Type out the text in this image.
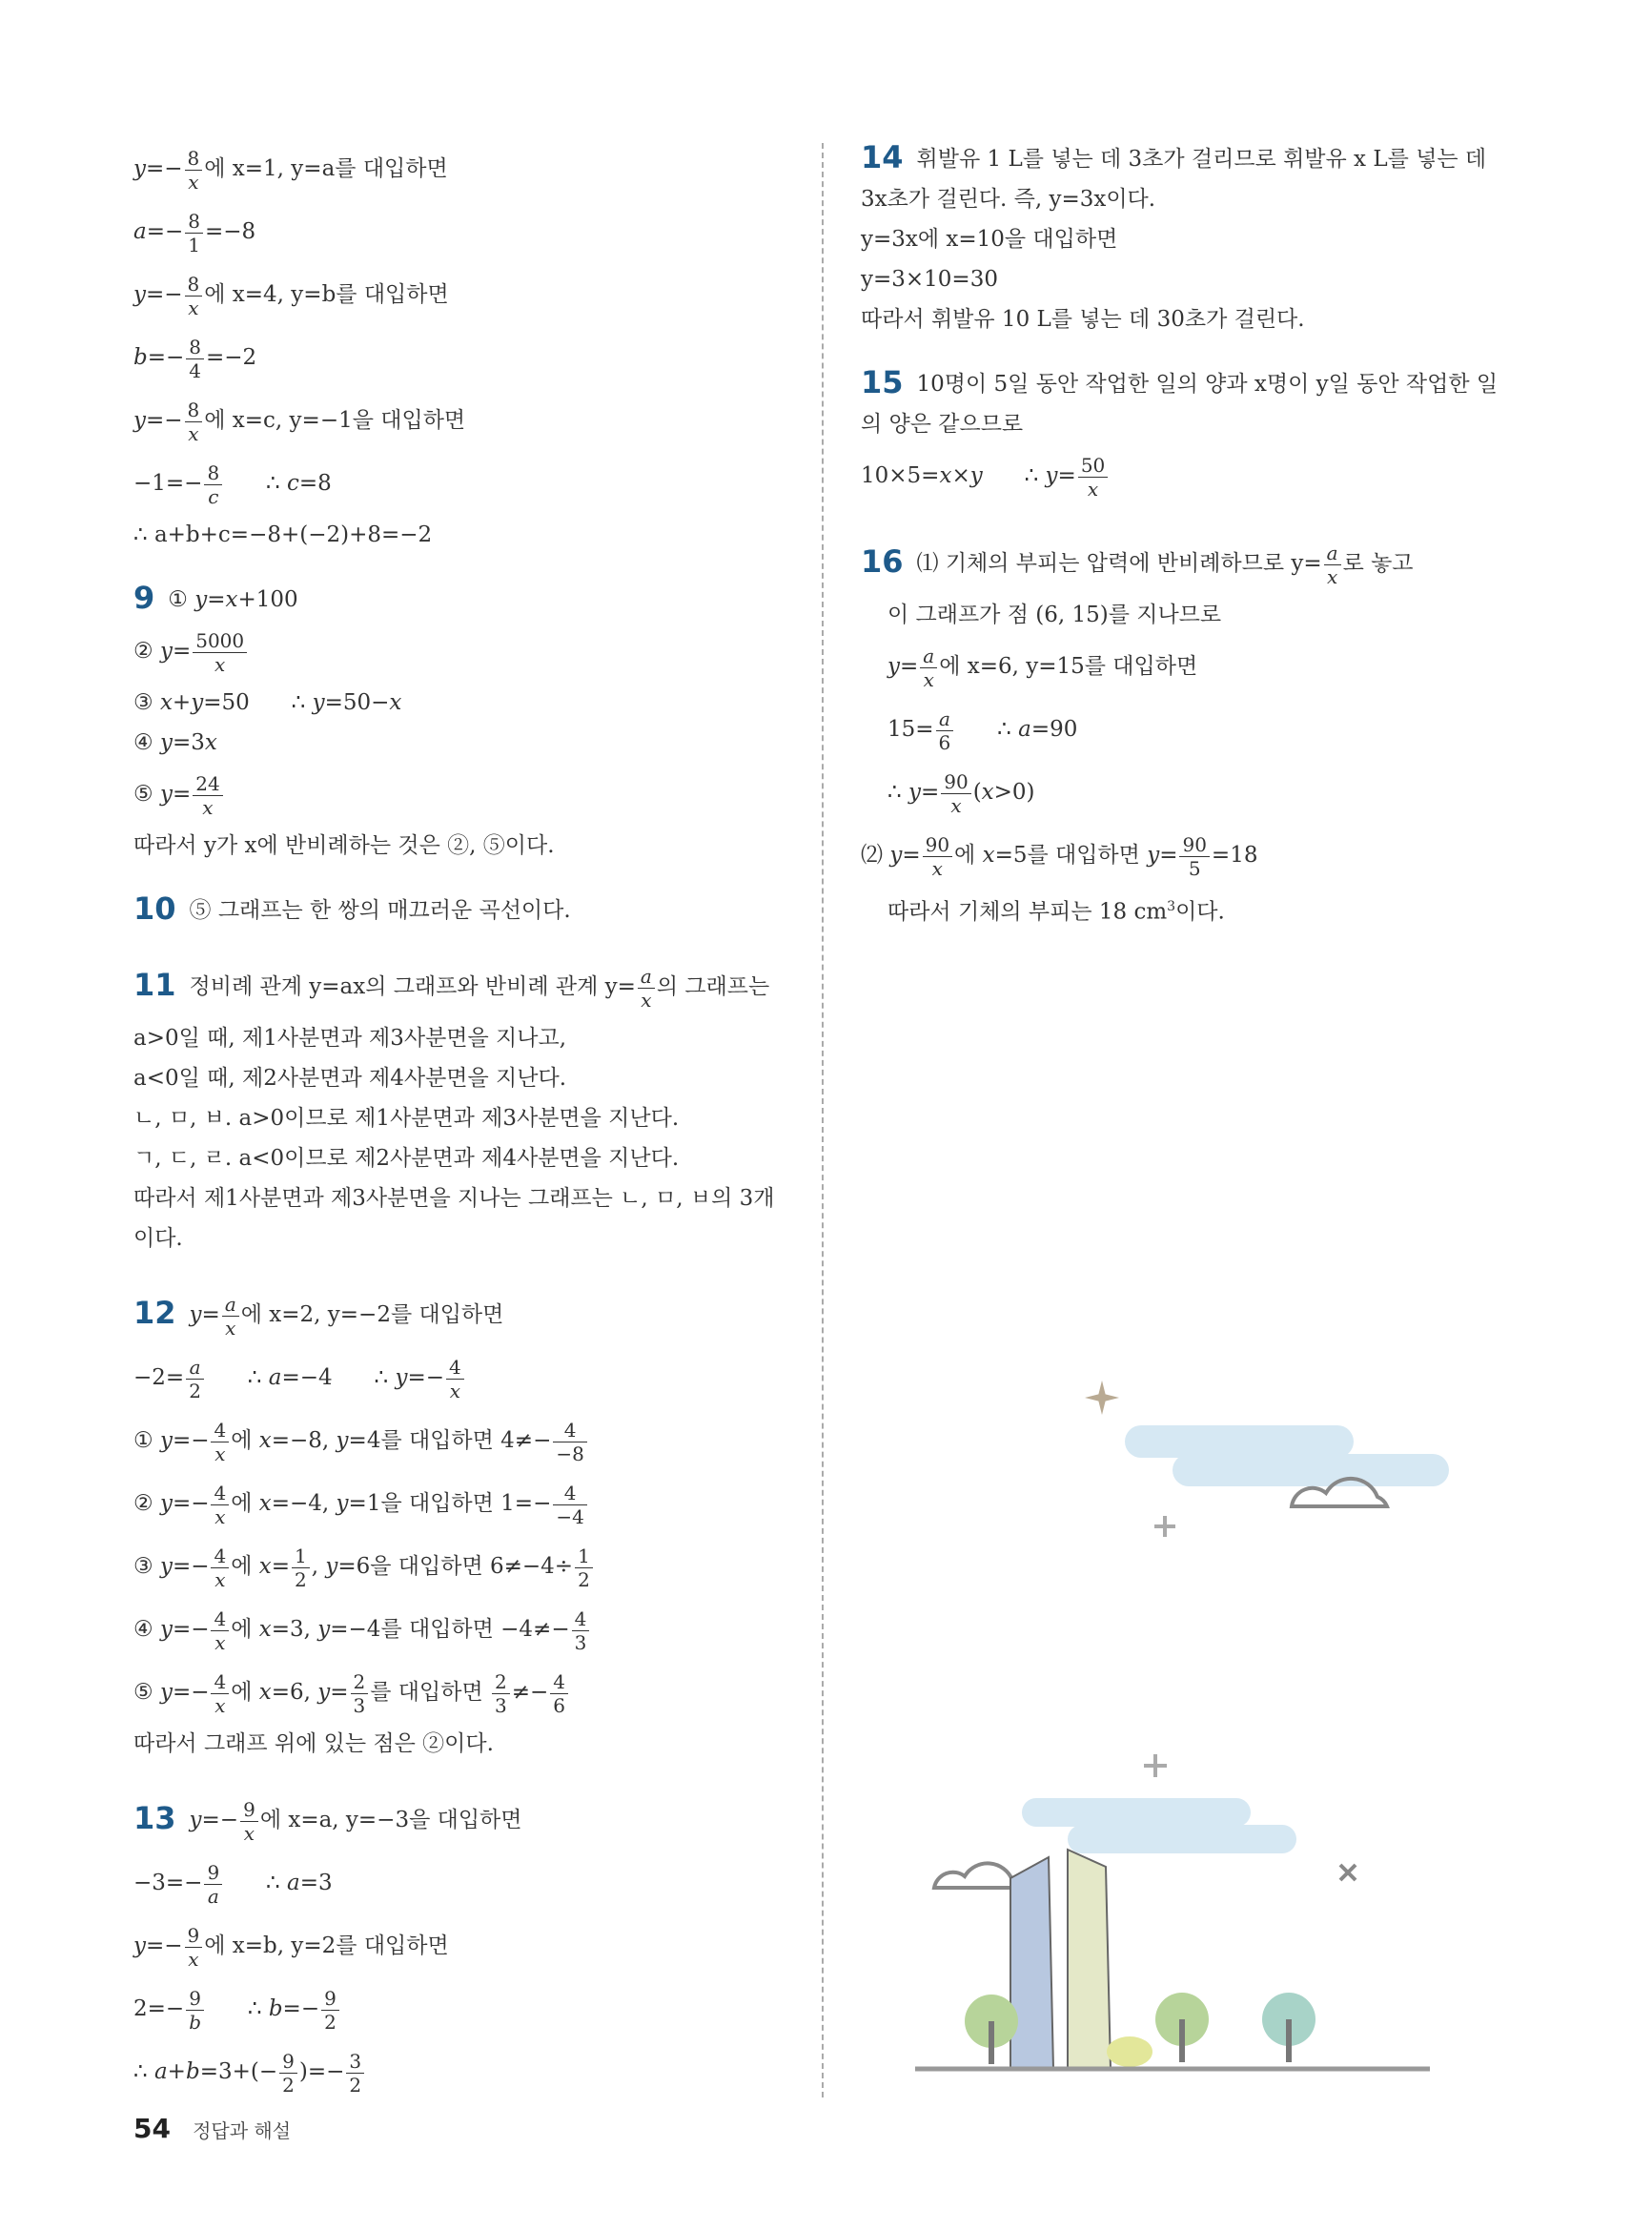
$y=- \frac{8}{x}$ 에 x=1, y=a를 대입하면
$a=- \frac{8}{1} =-8$
$y=- \frac{8}{x}$ 에 x=4, y=b를 대입하면
$b=- \frac{8}{4} =-2$
$y=- \frac{8}{x}$ 에 x=c, y=−1을 대입하면
$-1=- \frac{8}{c}$ ∴ c=8
∴ a+b+c=−8+(−2)+8=−2
9 ① y=x+100
② $y= \frac{5000}{x}$
③ x+y=50      ∴ y=50−x
④ y=3x
⑤ $y= \frac{24}{x}$
따라서 y가 x에 반비례하는 것은 ②, ⑤이다.
10 ⑤ 그래프는 한 쌍의 매끄러운 곡선이다.
11 정비례 관계 y=ax의 그래프와 반비례 관계 $y= \frac{a}{x}$ 의 그래프는
a>0일 때, 제1사분면과 제3사분면을 지나고,
a<0일 때, 제2사분면과 제4사분면을 지난다.
ㄴ, ㅁ, ㅂ. a>0이므로 제1사분면과 제3사분면을 지난다.
ㄱ, ㄷ, ㄹ. a<0이므로 제2사분면과 제4사분면을 지난다.
따라서 제1사분면과 제3사분면을 지나는 그래프는 ㄴ, ㅁ, ㅂ의 3개
이다.
12 $y= \frac{a}{x}$ 에 x=2, y=−2를 대입하면
$-2= \frac{a}{2}$ ∴ a=−4      ∴ $y=- \frac{4}{x}$
① $y=- \frac{4}{x}$ 에 x=−8, y=4를 대입하면 $4\ne- \frac{4}{-8}$
② $y=- \frac{4}{x}$ 에 x=−4, y=1을 대입하면 $1=- \frac{4}{-4}$
③ $y=- \frac{4}{x}$ 에 $x= \frac{1}{2}$ , y=6을 대입하면 $6\ne-4\div \frac{1}{2}$
④ $y=- \frac{4}{x}$ 에 x=3, y=−4를 대입하면 $-4\ne- \frac{4}{3}$
⑤ $y=- \frac{4}{x}$ 에 x=6, $y= \frac{2}{3}$ 를 대입하면 $\frac{2}{3} \ne- \frac{4}{6}$
따라서 그래프 위에 있는 점은 ②이다.
13 $y=- \frac{9}{x}$ 에 x=a, y=−3을 대입하면
$-3=- \frac{9}{a}$ ∴ a=3
$y=- \frac{9}{x}$ 에 x=b, y=2를 대입하면
$2=- \frac{9}{b}$ ∴ $b=- \frac{9}{2}$
∴ $a+b=3+(- \frac{9}{2}$ )=− $\frac{3}{2}$
14 휘발유 1 L를 넣는 데 3초가 걸리므로 휘발유 x L를 넣는 데
3x초가 걸린다. 즉, y=3x이다.
y=3x에 x=10을 대입하면
y=3×10=30
따라서 휘발유 10 L를 넣는 데 30초가 걸린다.
15 10명이 5일 동안 작업한 일의 양과 x명이 y일 동안 작업한 일
의 양은 같으므로
10×5=x×y      ∴ $y= \frac{50}{x}$
16 ⑴ 기체의 부피는 압력에 반비례하므로 $y= \frac{a}{x}$ 로 놓고
이 그래프가 점 (6, 15)를 지나므로
$y= \frac{a}{x}$ 에 x=6, y=15를 대입하면
$15= \frac{a}{6}$ ∴ a=90
∴ $y= \frac{90}{x} (x>0)$
⑵ $y= \frac{90}{x}$ 에 x=5를 대입하면 $y= \frac{90}{5} =18$
따라서 기체의 부피는 18 $cm^3$이다.
54 정답과 해설
